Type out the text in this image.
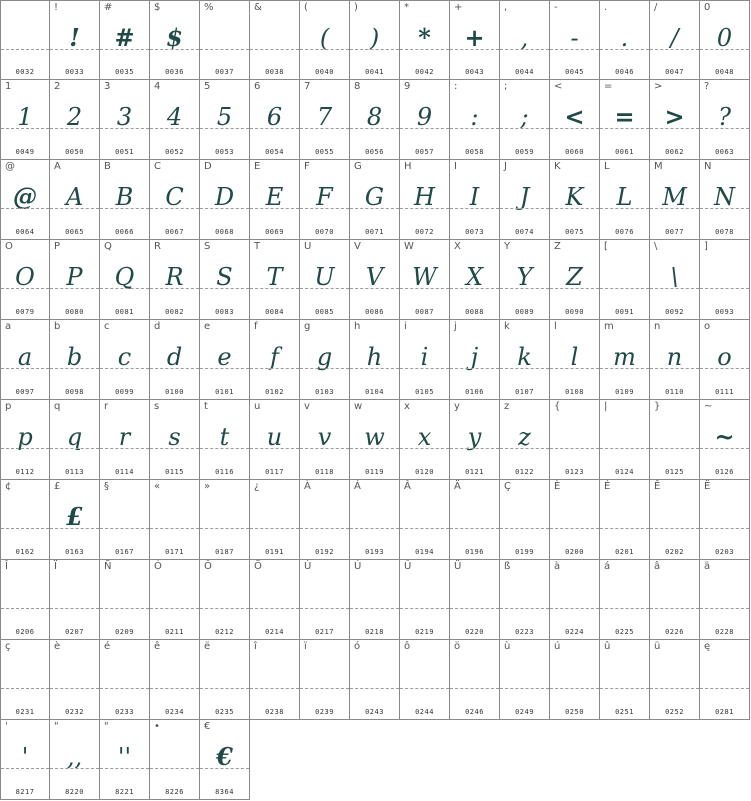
0032
!
!
0033
#
#
0035
$
$
0036
%
0037
&
0038
(
(
0040
)
)
0041
*
*
0042
+
+
0043
,
,
0044
-
-
0045
.
.
0046
/
/
0047
0
0
0048
1
1
0049
2
2
0050
3
3
0051
4
4
0052
5
5
0053
6
6
0054
7
7
0055
8
8
0056
9
9
0057
:
:
0058
;
;
0059
<
<
0060
=
=
0061
>
>
0062
?
?
0063
@
@
0064
A
A
0065
B
B
0066
C
C
0067
D
D
0068
E
E
0069
F
F
0070
G
G
0071
H
H
0072
I
I
0073
J
J
0074
K
K
0075
L
L
0076
M
M
0077
N
N
0078
O
O
0079
P
P
0080
Q
Q
0081
R
R
0082
S
S
0083
T
T
0084
U
U
0085
V
V
0086
W
W
0087
X
X
0088
Y
Y
0089
Z
Z
0090
[
0091
\
\
0092
]
0093
a
a
0097
b
b
0098
c
c
0099
d
d
0100
e
e
0101
f
f
0102
g
g
0103
h
h
0104
i
i
0105
j
j
0106
k
k
0107
l
l
0108
m
m
0109
n
n
0110
o
o
0111
p
p
0112
q
q
0113
r
r
0114
s
s
0115
t
t
0116
u
u
0117
v
v
0118
w
w
0119
x
x
0120
y
y
0121
z
z
0122
{
0123
|
0124
}
0125
~
~
0126
¢
0162
£
£
0163
§
0167
«
0171
»
0187
¿
0191
À
0192
Á
0193
Â
0194
Ä
0196
Ç
0199
È
0200
É
0201
Ê
0202
Ë
0203
Î
0206
Ï
0207
Ñ
0209
Ó
0211
Ô
0212
Ö
0214
Ù
0217
Ú
0218
Û
0219
Ü
0220
ß
0223
à
0224
á
0225
â
0226
ä
0228
ç
0231
è
0232
é
0233
ê
0234
ë
0235
î
0238
ï
0239
ó
0243
ô
0244
ö
0246
ù
0249
ú
0250
û
0251
ü
0252
ę
0281
'
'
8217
"
,,
8220
"
''
8221
•
8226
€
€
8364
